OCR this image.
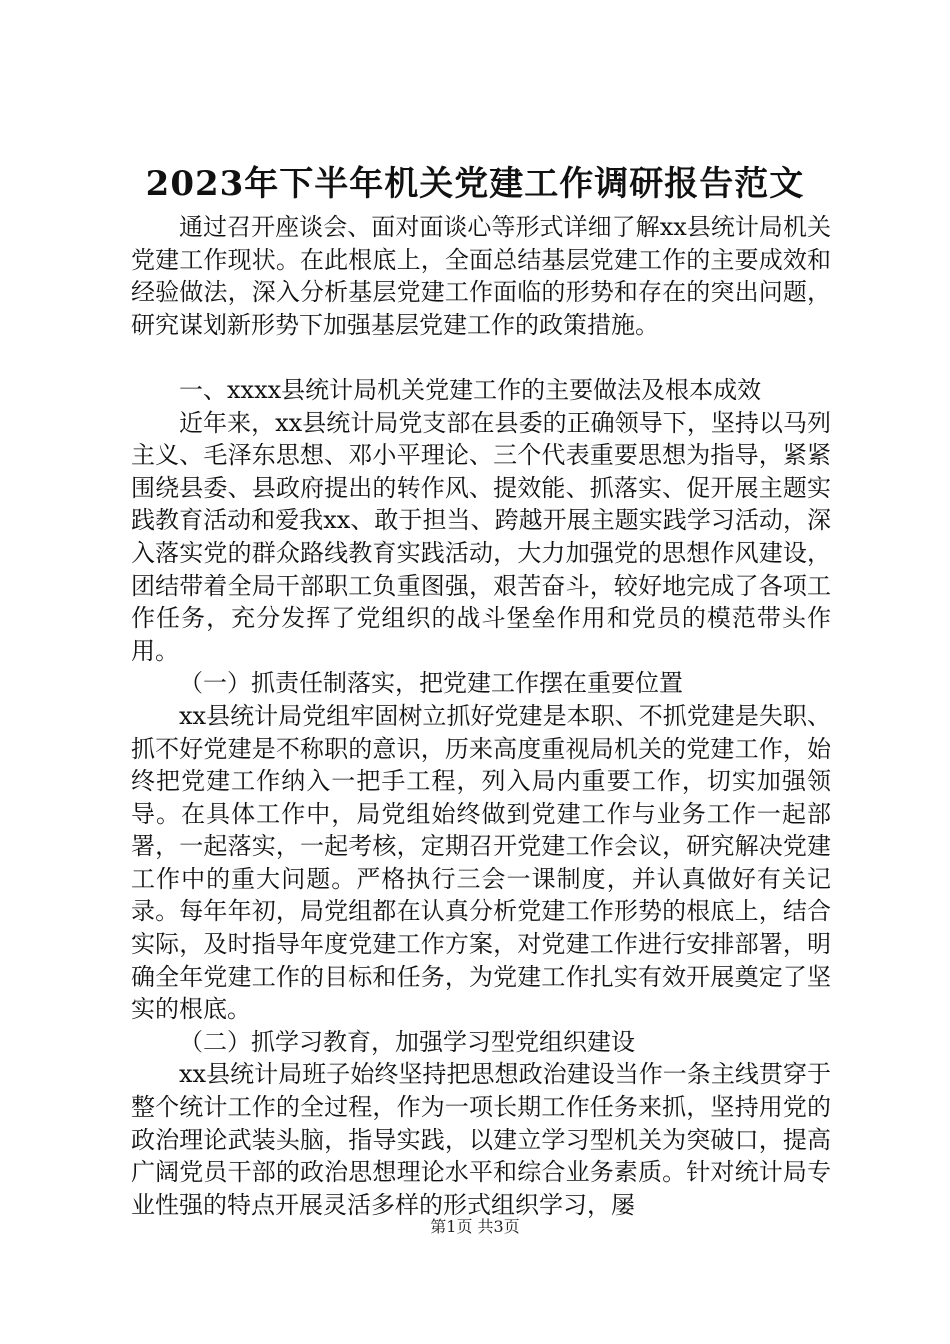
2023年下半年机关党建工作调研报告范文

通过召开座谈会、面对面谈心等形式详细了解xx县统计局机关党建工作现状。在此根底上，全面总结基层党建工作的主要成效和经验做法，深入分析基层党建工作面临的形势和存在的突出问题，研究谋划新形势下加强基层党建工作的政策措施。

一、xxxx县统计局机关党建工作的主要做法及根本成效

近年来，xx县统计局党支部在县委的正确领导下，坚持以马列主义、毛泽东思想、邓小平理论、三个代表重要思想为指导，紧紧围绕县委、县政府提出的转作风、提效能、抓落实、促开展主题实践教育活动和爱我xx、敢于担当、跨越开展主题实践学习活动，深入落实党的群众路线教育实践活动，大力加强党的思想作风建设，团结带着全局干部职工负重图强，艰苦奋斗，较好地完成了各项工作任务，充分发挥了党组织的战斗堡垒作用和党员的模范带头作用。

（一）抓责任制落实，把党建工作摆在重要位置

xx县统计局党组牢固树立抓好党建是本职、不抓党建是失职、抓不好党建是不称职的意识，历来高度重视局机关的党建工作，始终把党建工作纳入一把手工程，列入局内重要工作，切实加强领导。在具体工作中，局党组始终做到党建工作与业务工作一起部署，一起落实，一起考核，定期召开党建工作会议，研究解决党建工作中的重大问题。严格执行三会一课制度，并认真做好有关记录。每年年初，局党组都在认真分析党建工作形势的根底上，结合实际，及时指导年度党建工作方案，对党建工作进行安排部署，明确全年党建工作的目标和任务，为党建工作扎实有效开展奠定了坚实的根底。

（二）抓学习教育，加强学习型党组织建设

xx县统计局班子始终坚持把思想政治建设当作一条主线贯穿于整个统计工作的全过程，作为一项长期工作任务来抓，坚持用党的政治理论武装头脑，指导实践，以建立学习型机关为突破口，提高广阔党员干部的政治思想理论水平和综合业务素质。针对统计局专业性强的特点开展灵活多样的形式组织学习，屡

第1页 共3页
